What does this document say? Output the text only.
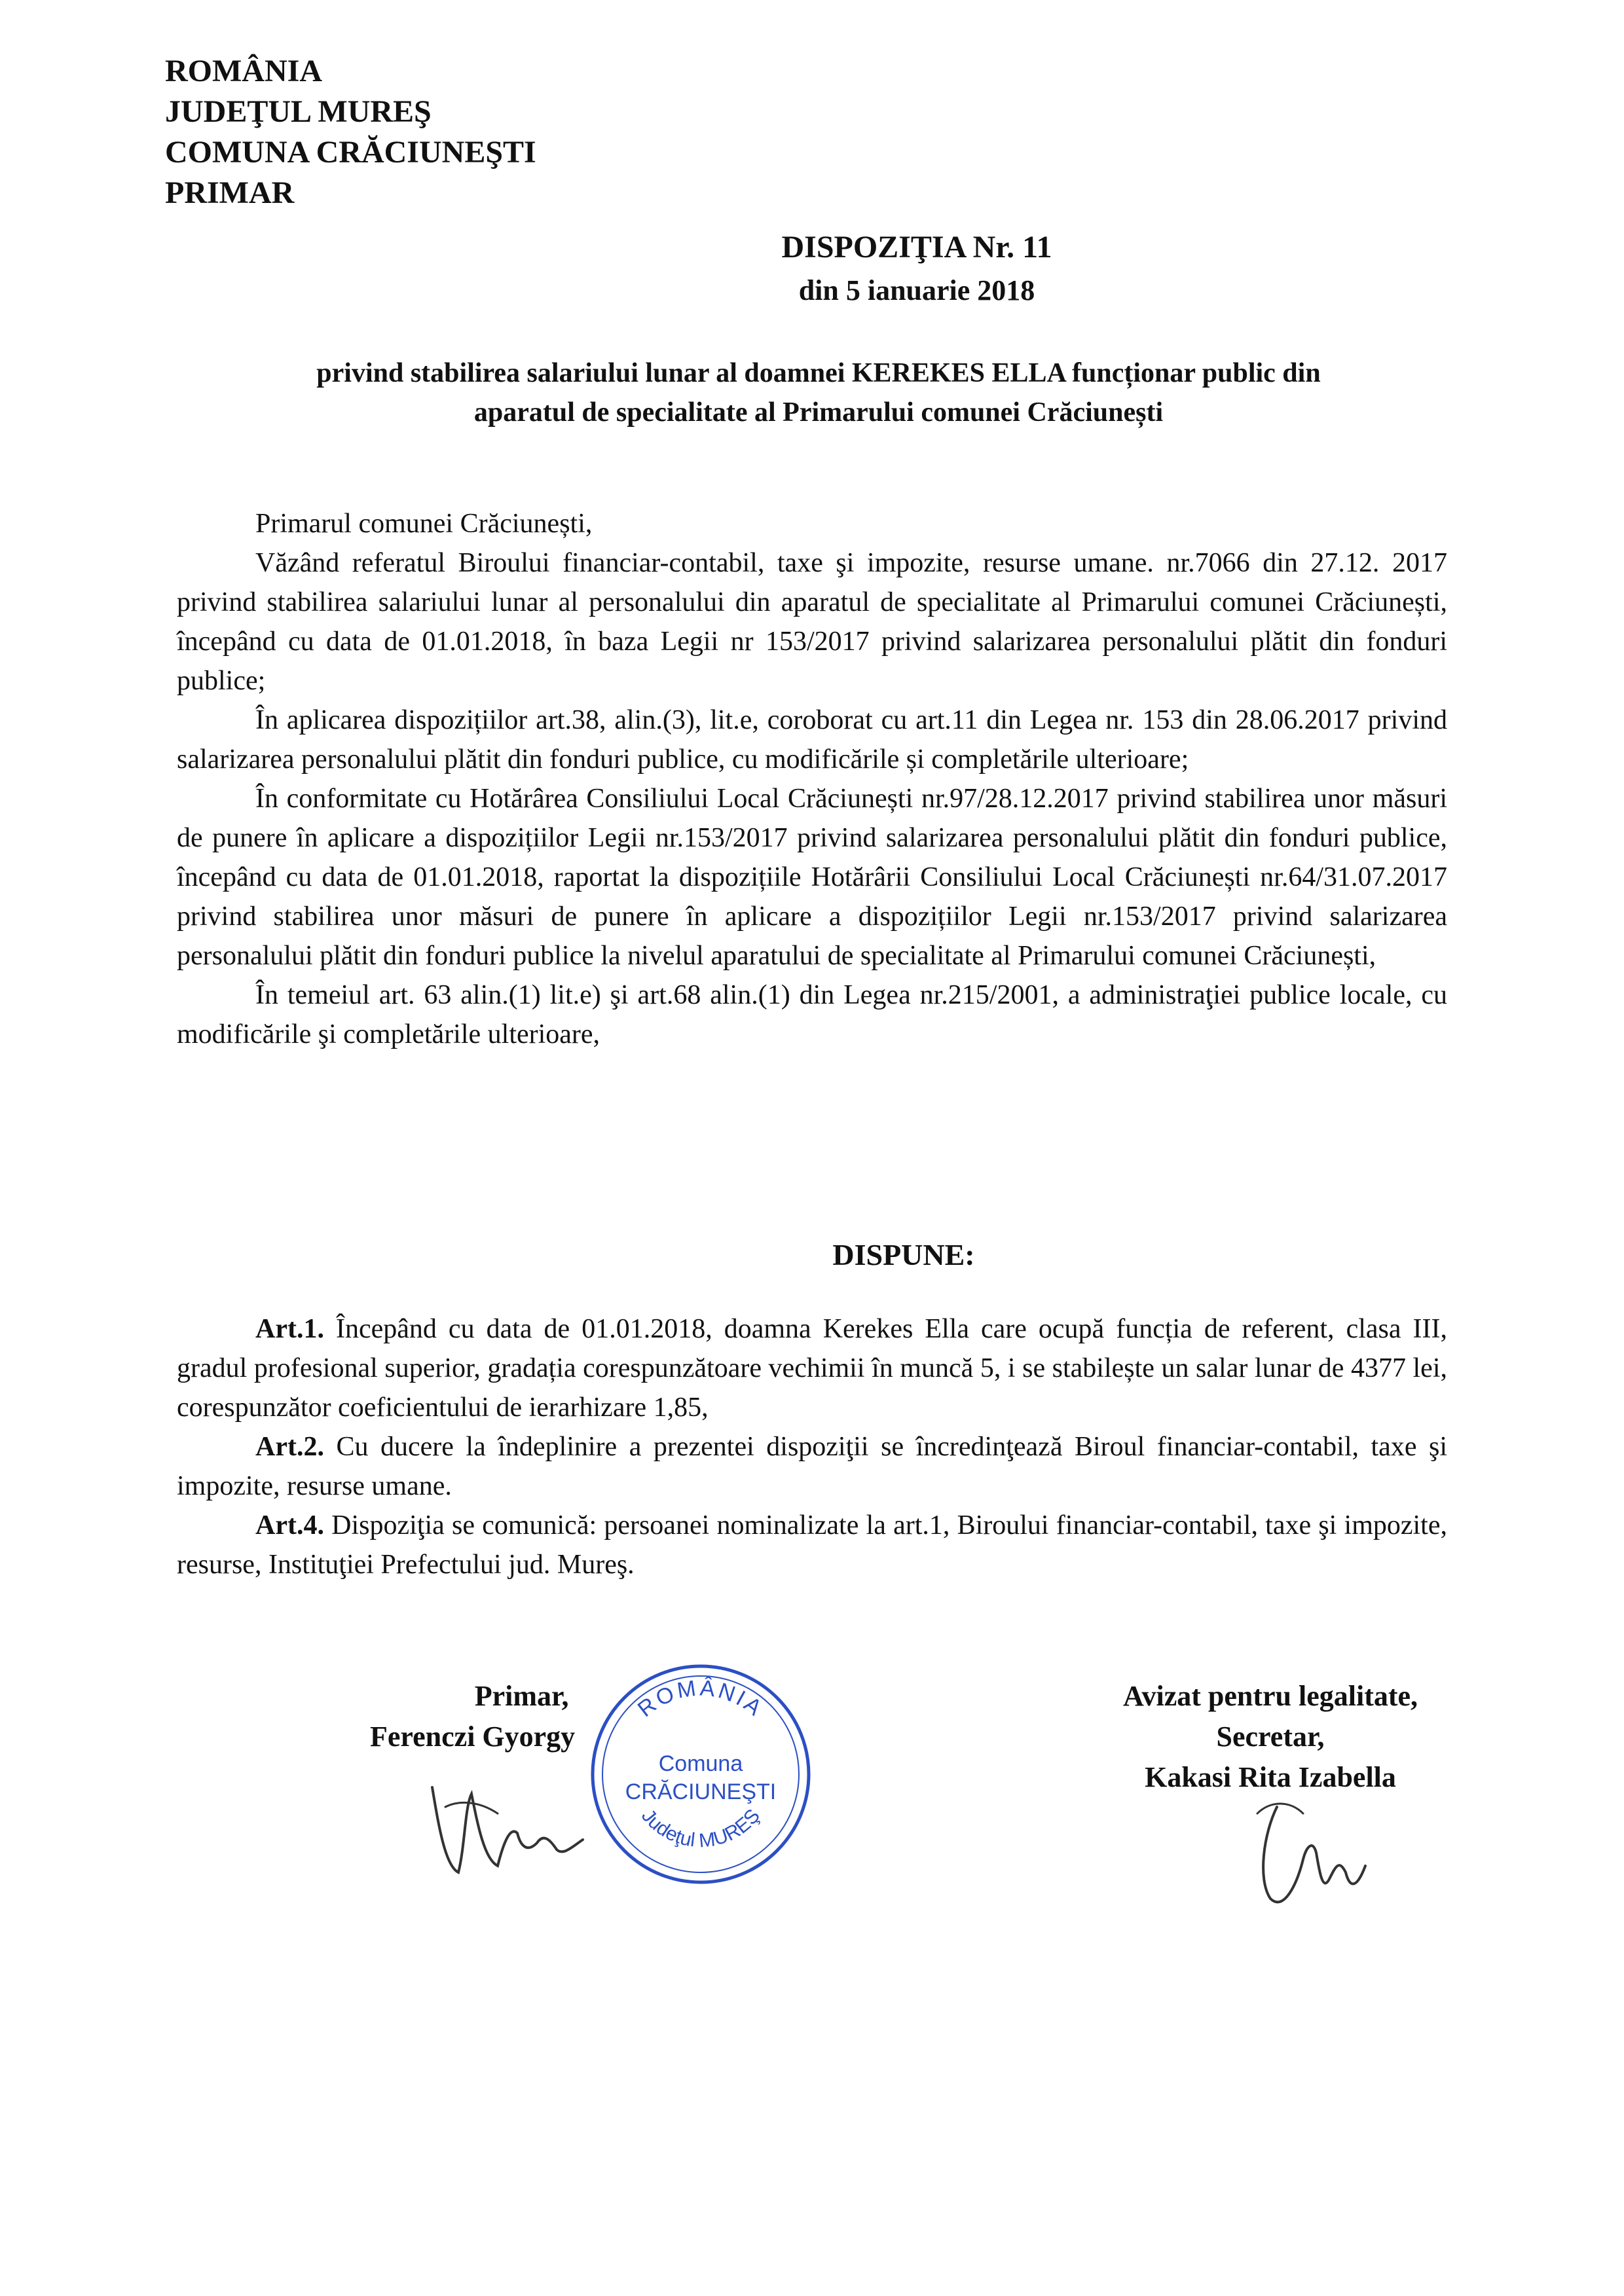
ROMÂNIA
JUDEŢUL MUREŞ
COMUNA CRĂCIUNEŞTI
PRIMAR
DISPOZIŢIA Nr. 11
din 5 ianuarie 2018
privind stabilirea salariului lunar al doamnei KEREKES ELLA funcționar public din
aparatul de specialitate al Primarului comunei Crăciunești

Primarul comunei Crăciunești,

Văzând referatul Biroului financiar-contabil, taxe şi impozite, resurse umane. nr.7066 din 27.12. 2017 privind stabilirea salariului lunar al personalului din aparatul de specialitate al Primarului comunei Crăciunești, începând cu data de 01.01.2018, în baza Legii nr 153/2017 privind salarizarea personalului plătit din fonduri publice;

În aplicarea dispozițiilor art.38, alin.(3), lit.e, coroborat cu art.11 din Legea nr. 153 din 28.06.2017 privind salarizarea personalului plătit din fonduri publice, cu modificările și completările ulterioare;

În conformitate cu Hotărârea Consiliului Local Crăciunești nr.97/28.12.2017 privind stabilirea unor măsuri de punere în aplicare a dispozițiilor Legii nr.153/2017 privind salarizarea personalului plătit din fonduri publice, începând cu data de 01.01.2018, raportat la dispozițiile Hotărârii Consiliului Local Crăciunești nr.64/31.07.2017 privind stabilirea unor măsuri de punere în aplicare a dispozițiilor Legii nr.153/2017 privind salarizarea personalului plătit din fonduri publice la nivelul aparatului de specialitate al Primarului comunei Crăciunești,

În temeiul art. 63 alin.(1) lit.e) şi art.68 alin.(1) din Legea nr.215/2001, a administraţiei publice locale, cu modificările şi completările ulterioare,

DISPUNE:

Art.1. Începând cu data de 01.01.2018, doamna Kerekes Ella care ocupă funcția de referent, clasa III, gradul profesional superior, gradația corespunzătoare vechimii în muncă 5, i se stabilește un salar lunar de 4377 lei, corespunzător coeficientului de ierarhizare 1,85,

Art.2. Cu ducere la îndeplinire a prezentei dispoziţii se încredinţează Biroul financiar-contabil, taxe şi impozite, resurse umane.

Art.4. Dispoziţia se comunică: persoanei nominalizate la art.1, Biroului financiar-contabil, taxe şi impozite, resurse, Instituţiei Prefectului jud. Mureş.

Primar,
Ferenczi Gyorgy
ROMÂNIA
Comuna
CRĂCIUNEŞTI
Judeţul MUREŞ
Avizat pentru legalitate,
Secretar,
Kakasi Rita Izabella
